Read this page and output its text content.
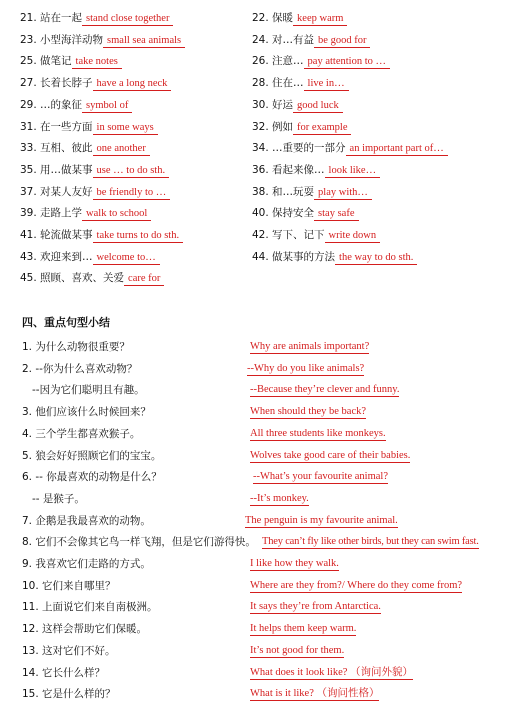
21. 站在一起stand close together	22. 保暖keep warm
23. 小型海洋动物small sea animals	24. 对…有益be good for
25. 做笔记take notes	26. 注意…pay attention to …
27. 长着长脖子have a long neck	28. 住在…live in…
29. …的象征symbol of	30. 好运good luck
31. 在一些方面in some ways	32. 例如for example
33. 互相、彼此one another	34. …重要的一部分an important part of…
35. 用…做某事use … to do sth.	36. 看起来像…look like…
37. 对某人友好be friendly to …	38. 和…玩耍play with…
39. 走路上学walk to school	40. 保持安全stay safe
41. 轮流做某事take turns to do sth.	42. 写下、记下write down
43. 欢迎来到…welcome to…	44. 做某事的方法the way to do sth.
45. 照顾、喜欢、关爱care for
四、重点句型小结
1. 为什么动物很重要？	Why are animals important?
2. --你为什么喜欢动物？	--Why do you like animals?
--因为它们聪明且有趣。	--Because they’re clever and funny.
3. 他们应该什么时候回来？	When should they be back?
4. 三个学生都喜欢猴子。	All three students like monkeys.
5. 狼会好好照顾它们的宝宝。	Wolves take good care of their babies.
6. -- 你最喜欢的动物是什么？	--What’s your favourite animal?
-- 是猴子。	--It’s monkey.
7. 企鹅是我最喜欢的动物。	The penguin is my favourite animal.
8. 它们不会像其它鸟一样飞翔，但是它们游得快。 They can’t fly like other birds, but they can swim fast.
9. 我喜欢它们走路的方式。	I like how they walk.
10. 它们来自哪里？	Where are they from?/ Where do they come from?
11. 上面说它们来自南极洲。	It says they’re from Antarctica.
12. 这样会帮助它们保暖。	It helps them keep warm.
13. 这对它们不好。	It’s not good for them.
14. 它长什么样？	What does it look like? （询问外貌）
15. 它是什么样的？	What is it like? （询问性格）
